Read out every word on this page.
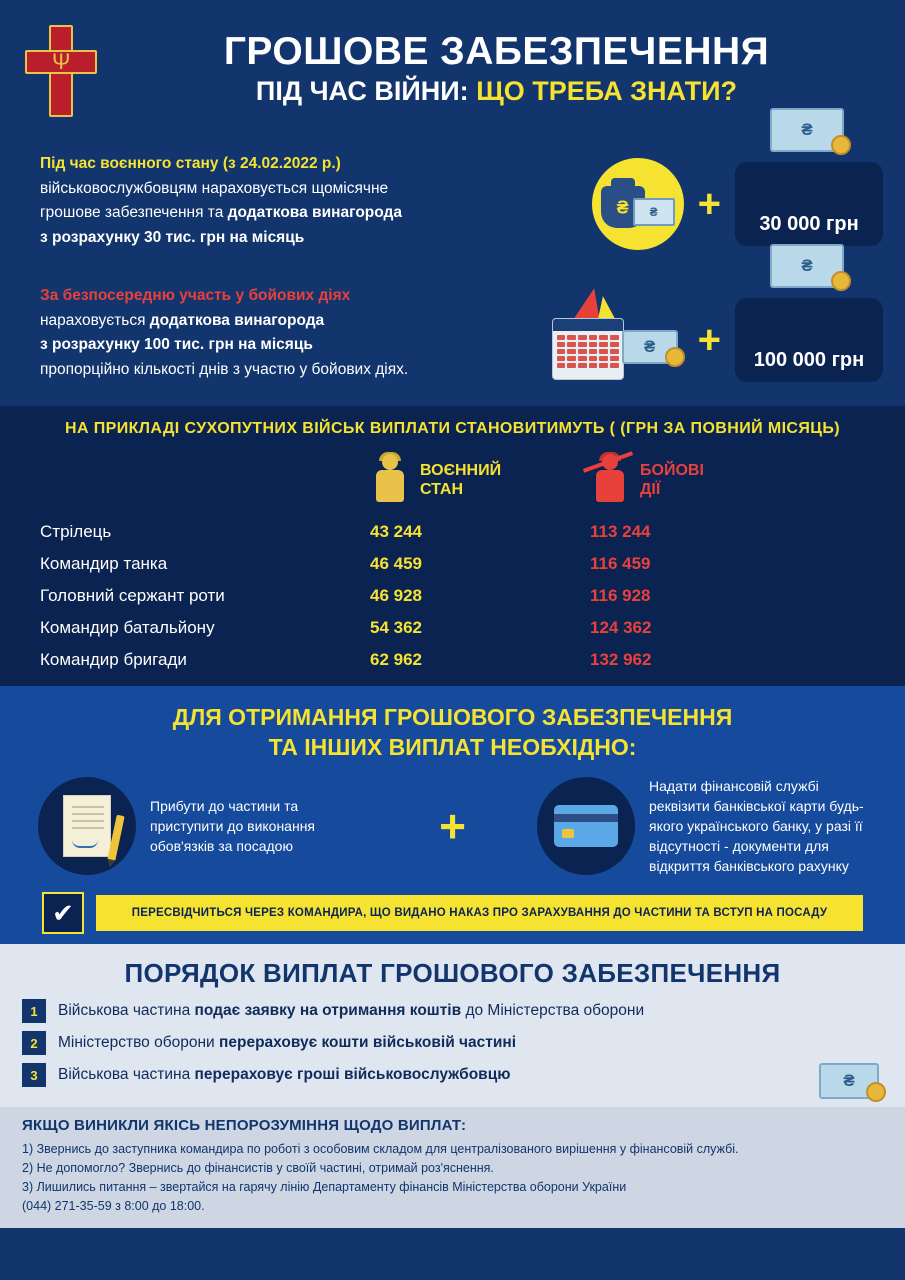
Ψ	ГРОШОВЕ ЗАБЕЗПЕЧЕННЯ
ПІД ЧАС ВІЙНИ: ЩО ТРЕБА ЗНАТИ?
Під час воєнного стану (з 24.02.2022 р.)
військовослужбовцям нараховується щомісячне
грошове забезпечення та додаткова винагорода
з розрахунку 30 тис. грн на місяць
₴
₴
+
₴ 30 000 грн
За безпосередню участь у бойових діях
нараховується додаткова винагорода
з розрахунку 100 тис. грн на місяць
пропорційно кількості днів з участю у бойових діях.
₴
+
₴ 100 000 грн
НА ПРИКЛАДІ СУХОПУТНИХ ВІЙСЬК ВИПЛАТИ СТАНОВИТИМУТЬ ( (ГРН ЗА ПОВНИЙ МІСЯЦЬ)
ВОЄННИЙ
СТАН
БОЙОВІ
ДІЇ
Стрілець	43 244	113 244
Командир танка	46 459	116 459
Головний сержант роти	46 928	116 928
Командир батальйону	54 362	124 362
Командир бригади	62 962	132 962
ДЛЯ ОТРИМАННЯ ГРОШОВОГО ЗАБЕЗПЕЧЕННЯ
ТА ІНШИХ ВИПЛАТ НЕОБХІДНО:
Прибути до частини та приступити до виконання обов'язків за посадою	+
Надати фінансовій службі реквізити банківської карти будь-якого українського банку, у разі її відсутності - документи для відкриття банківського рахунку
✔	ПЕРЕСВІДЧИТЬСЯ ЧЕРЕЗ КОМАНДИРА, ЩО ВИДАНО НАКАЗ ПРО ЗАРАХУВАННЯ ДО ЧАСТИНИ ТА ВСТУП НА ПОСАДУ
ПОРЯДОК ВИПЛАТ ГРОШОВОГО ЗАБЕЗПЕЧЕННЯ
1	Військова частина подає заявку на отримання коштів до Міністерства оборони
2	Міністерство оборони перераховує кошти військовій частині
3	Військова частина перераховує гроші військовослужбовцю
₴
ЯКЩО ВИНИКЛИ ЯКІСЬ НЕПОРОЗУМІННЯ ЩОДО ВИПЛАТ:
1) Звернись до заступника командира по роботі з особовим складом для централізованого вирішення у фінансовій службі.
2) Не допомогло? Звернись до фінансистів у своїй частині, отримай роз'яснення.
3) Лишились питання – звертайся на гарячу лінію Департаменту фінансів Міністерства оборони України
(044) 271-35-59 з 8:00 до 18:00.
